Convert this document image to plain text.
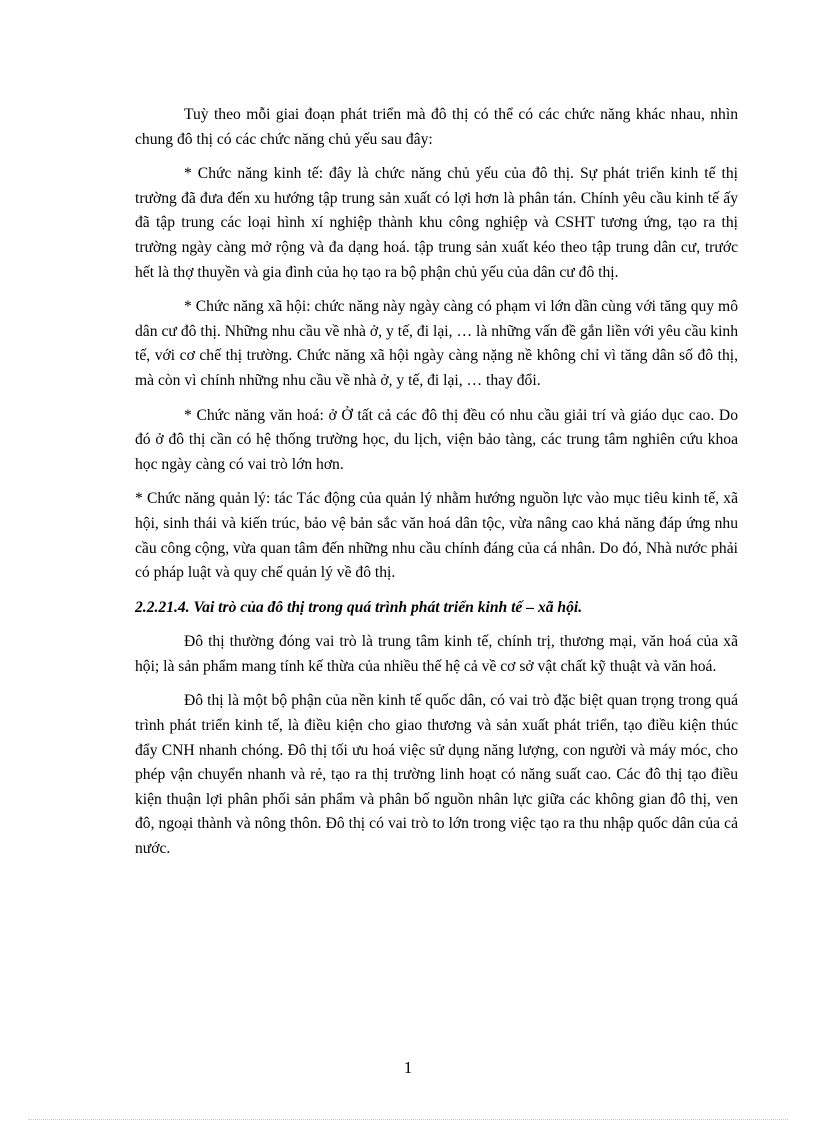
Tuỳ theo mỗi giai đoạn phát triển mà đô thị có thể có các chức năng khác nhau, nhìn chung đô thị có các chức năng chủ yếu sau đây:

* Chức năng kinh tế: đây là chức năng chủ yếu của đô thị. Sự phát triển kinh tế thị trường đã đưa đến xu hướng tập trung sản xuất có lợi hơn là phân tán. Chính yêu cầu kinh tế ấy đã tập trung các loại hình xí nghiệp thành khu công nghiệp và CSHT tương ứng, tạo ra thị trường ngày càng mở rộng và đa dạng hoá. tập trung sản xuất kéo theo tập trung dân cư, trước hết là thợ thuyền và gia đình của họ tạo ra bộ phận chủ yếu của dân cư đô thị.

* Chức năng xã hội: chức năng này ngày càng có phạm vi lớn dần cùng với tăng quy mô dân cư đô thị. Những nhu cầu về nhà ở, y tế, đi lại, … là những vấn đề gắn liền với yêu cầu kinh tế, với cơ chế thị trường. Chức năng xã hội ngày càng nặng nề không chỉ vì tăng dân số đô thị, mà còn vì chính những nhu cầu về nhà ở, y tế, đi lại, … thay đổi.

* Chức năng văn hoá: ở Ở tất cả các đô thị đều có nhu cầu giải trí và giáo dục cao. Do đó ở đô thị cần có hệ thống trường học, du lịch, viện bảo tàng, các trung tâm nghiên cứu khoa học ngày càng có vai trò lớn hơn.

* Chức năng quản lý: tác Tác động của quản lý nhằm hướng nguồn lực vào mục tiêu kinh tế, xã hội, sinh thái và kiến trúc, bảo vệ bản sắc văn hoá dân tộc, vừa nâng cao khả năng đáp ứng nhu cầu công cộng, vừa quan tâm đến những nhu cầu chính đáng của cá nhân. Do đó, Nhà nước phải có pháp luật và quy chế quản lý về đô thị.

2.2.21.4. Vai trò của đô thị trong quá trình phát triển kinh tế – xã hội.

Đô thị thường đóng vai trò là trung tâm kinh tế, chính trị, thương mại, văn hoá của xã hội; là sản phẩm mang tính kế thừa của nhiều thế hệ cả về cơ sở vật chất kỹ thuật và văn hoá.

Đô thị là một bộ phận của nền kinh tế quốc dân, có vai trò đặc biệt quan trọng trong quá trình phát triển kinh tế, là điều kiện cho giao thương và sản xuất phát triển, tạo điều kiện thúc đẩy CNH nhanh chóng. Đô thị tối ưu hoá việc sử dụng năng lượng, con người và máy móc, cho phép vận chuyển nhanh và rẻ, tạo ra thị trường linh hoạt có năng suất cao. Các đô thị tạo điều kiện thuận lợi phân phối sản phẩm và phân bố nguồn nhân lực giữa các không gian đô thị, ven đô, ngoại thành và nông thôn. Đô thị có vai trò to lớn trong việc tạo ra thu nhập quốc dân của cả nước.

1
